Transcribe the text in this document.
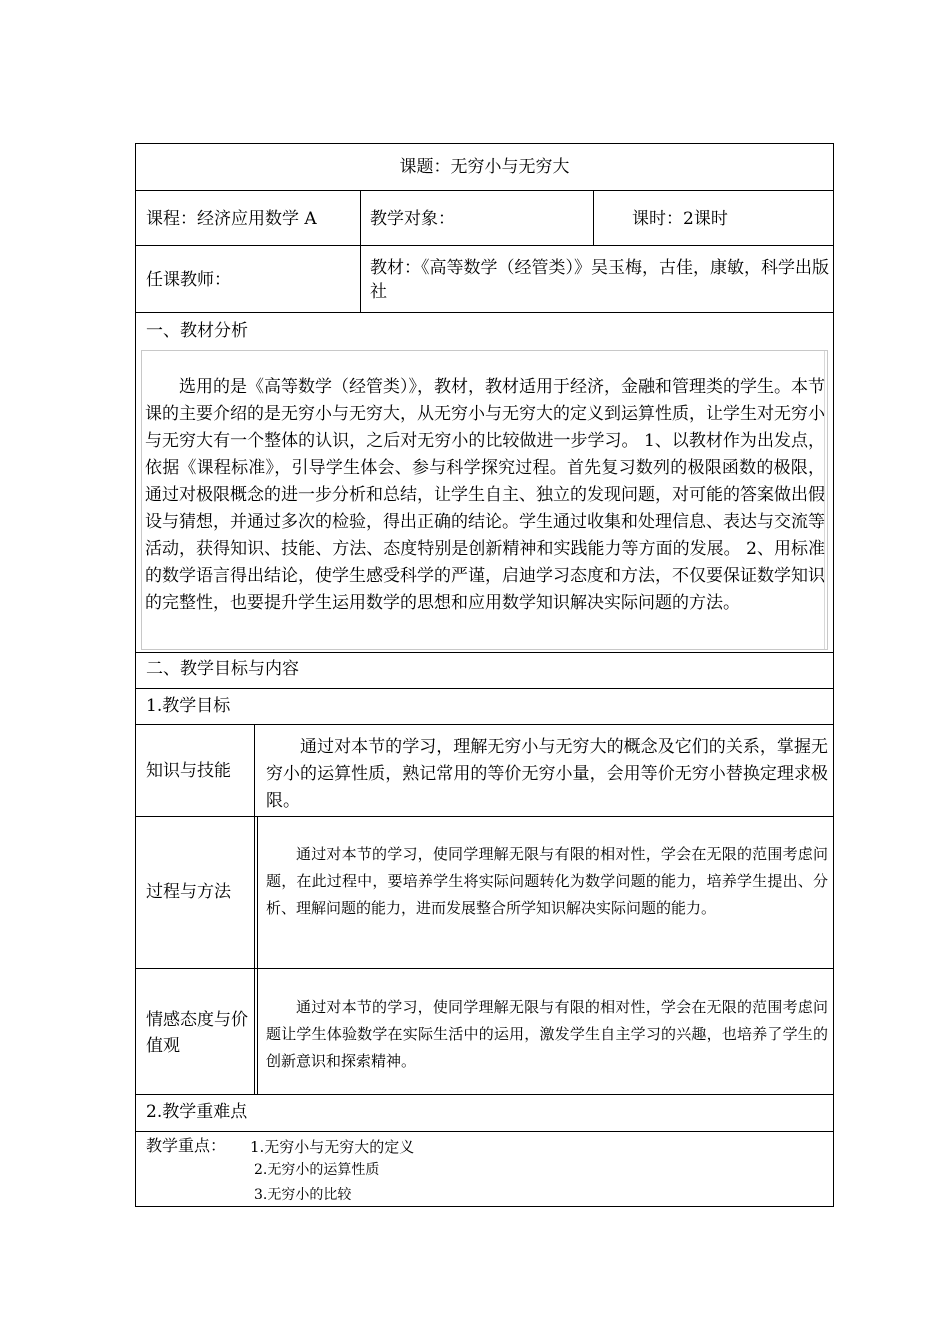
课题：无穷小与无穷大
课程：经济应用数学 A	教学对象：	课时：2课时
任课教师：
教材：《高等数学（经管类）》吴玉梅，古佳，康敏，科学出版社
一、教材分析
选用的是《高等数学（经管类）》，教材，教材适用于经济，金融和管理类的学生。本节课的主要介绍的是无穷小与无穷大，从无穷小与无穷大的定义到运算性质，让学生对无穷小与无穷大有一个整体的认识，之后对无穷小的比较做进一步学习。 1、以教材作为出发点，依据《课程标准》，引导学生体会、参与科学探究过程。首先复习数列的极限函数的极限，通过对极限概念的进一步分析和总结，让学生自主、独立的发现问题，对可能的答案做出假设与猜想，并通过多次的检验，得出正确的结论。学生通过收集和处理信息、表达与交流等活动，获得知识、技能、方法、态度特别是创新精神和实践能力等方面的发展。 2、用标准的数学语言得出结论，使学生感受科学的严谨，启迪学习态度和方法，不仅要保证数学知识的完整性，也要提升学生运用数学的思想和应用数学知识解决实际问题的方法。
二、教学目标与内容
1.教学目标
知识与技能
通过对本节的学习，理解无穷小与无穷大的概念及它们的关系，掌握无穷小的运算性质，熟记常用的等价无穷小量，会用等价无穷小替换定理求极限。
过程与方法
通过对本节的学习，使同学理解无限与有限的相对性，学会在无限的范围考虑问题，在此过程中，要培养学生将实际问题转化为数学问题的能力，培养学生提出、分析、理解问题的能力，进而发展整合所学知识解决实际问题的能力。
情感态度与价值观
通过对本节的学习，使同学理解无限与有限的相对性，学会在无限的范围考虑问题让学生体验数学在实际生活中的运用，激发学生自主学习的兴趣，也培养了学生的创新意识和探索精神。
2.教学重难点
教学重点： 1.无穷小与无穷大的定义
2.无穷小的运算性质
3.无穷小的比较
